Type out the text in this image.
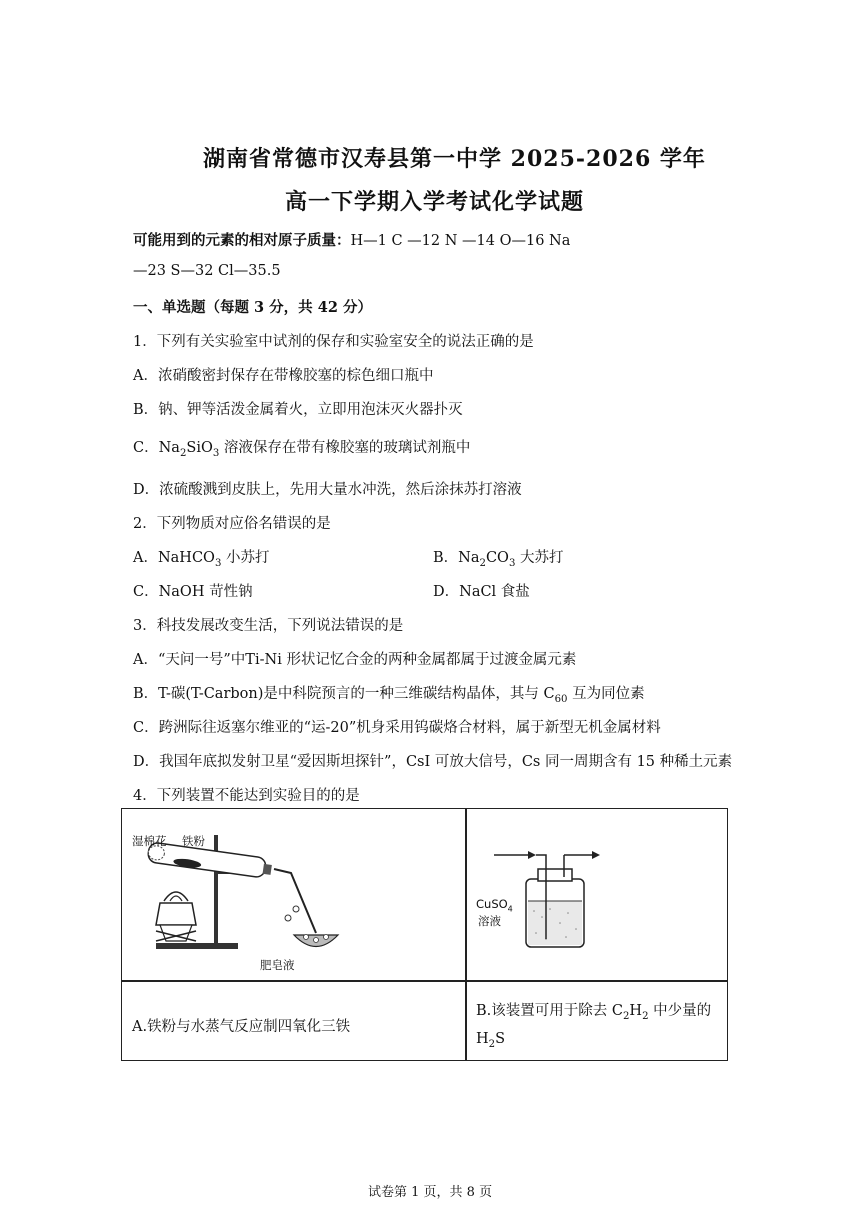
湖南省常德市汉寿县第一中学 2025-2026 学年
高一下学期入学考试化学试题
可能用到的元素的相对原子质量：H—1 C —12 N —14 O—16 Na
—23 S—32 Cl—35.5
一、单选题（每题 3 分，共 42 分）
1．下列有关实验室中试剂的保存和实验室安全的说法正确的是
A．浓硝酸密封保存在带橡胶塞的棕色细口瓶中
B．钠、钾等活泼金属着火，立即用泡沫灭火器扑灭
C．$Na_2SiO_3$ 溶液保存在带有橡胶塞的玻璃试剂瓶中
D．浓硫酸溅到皮肤上，先用大量水冲洗，然后涂抹苏打溶液
2．下列物质对应俗名错误的是
A．NaHCO$_3$ 小苏打	B．$Na_2CO_3$ 大苏打
C．NaOH 苛性钠	D．NaCl 食盐
3．科技发展改变生活，下列说法错误的是
A．“天问一号”中Ti-Ni 形状记忆合金的两种金属都属于过渡金属元素
B．T-碳(T-Carbon)是中科院预言的一种三维碳结构晶体，其与 $C_{60}$ 互为同位素
C．跨洲际往返塞尔维亚的“运-20”机身采用钨碳烙合材料，属于新型无机金属材料
D．我国年底拟发射卫星“爱因斯坦探针”，CsI 可放大信号，Cs 同一周期含有 15 种稀土元素
4．下列装置不能达到实验目的的是
湿棉花 铁粉
肥皂液
CuSO$_4$
溶液
A.铁粉与水蒸气反应制四氧化三铁
B.该装置可用于除去 $C_2H_2$ 中少量的
$H_2S$
试卷第 1 页，共 8 页
